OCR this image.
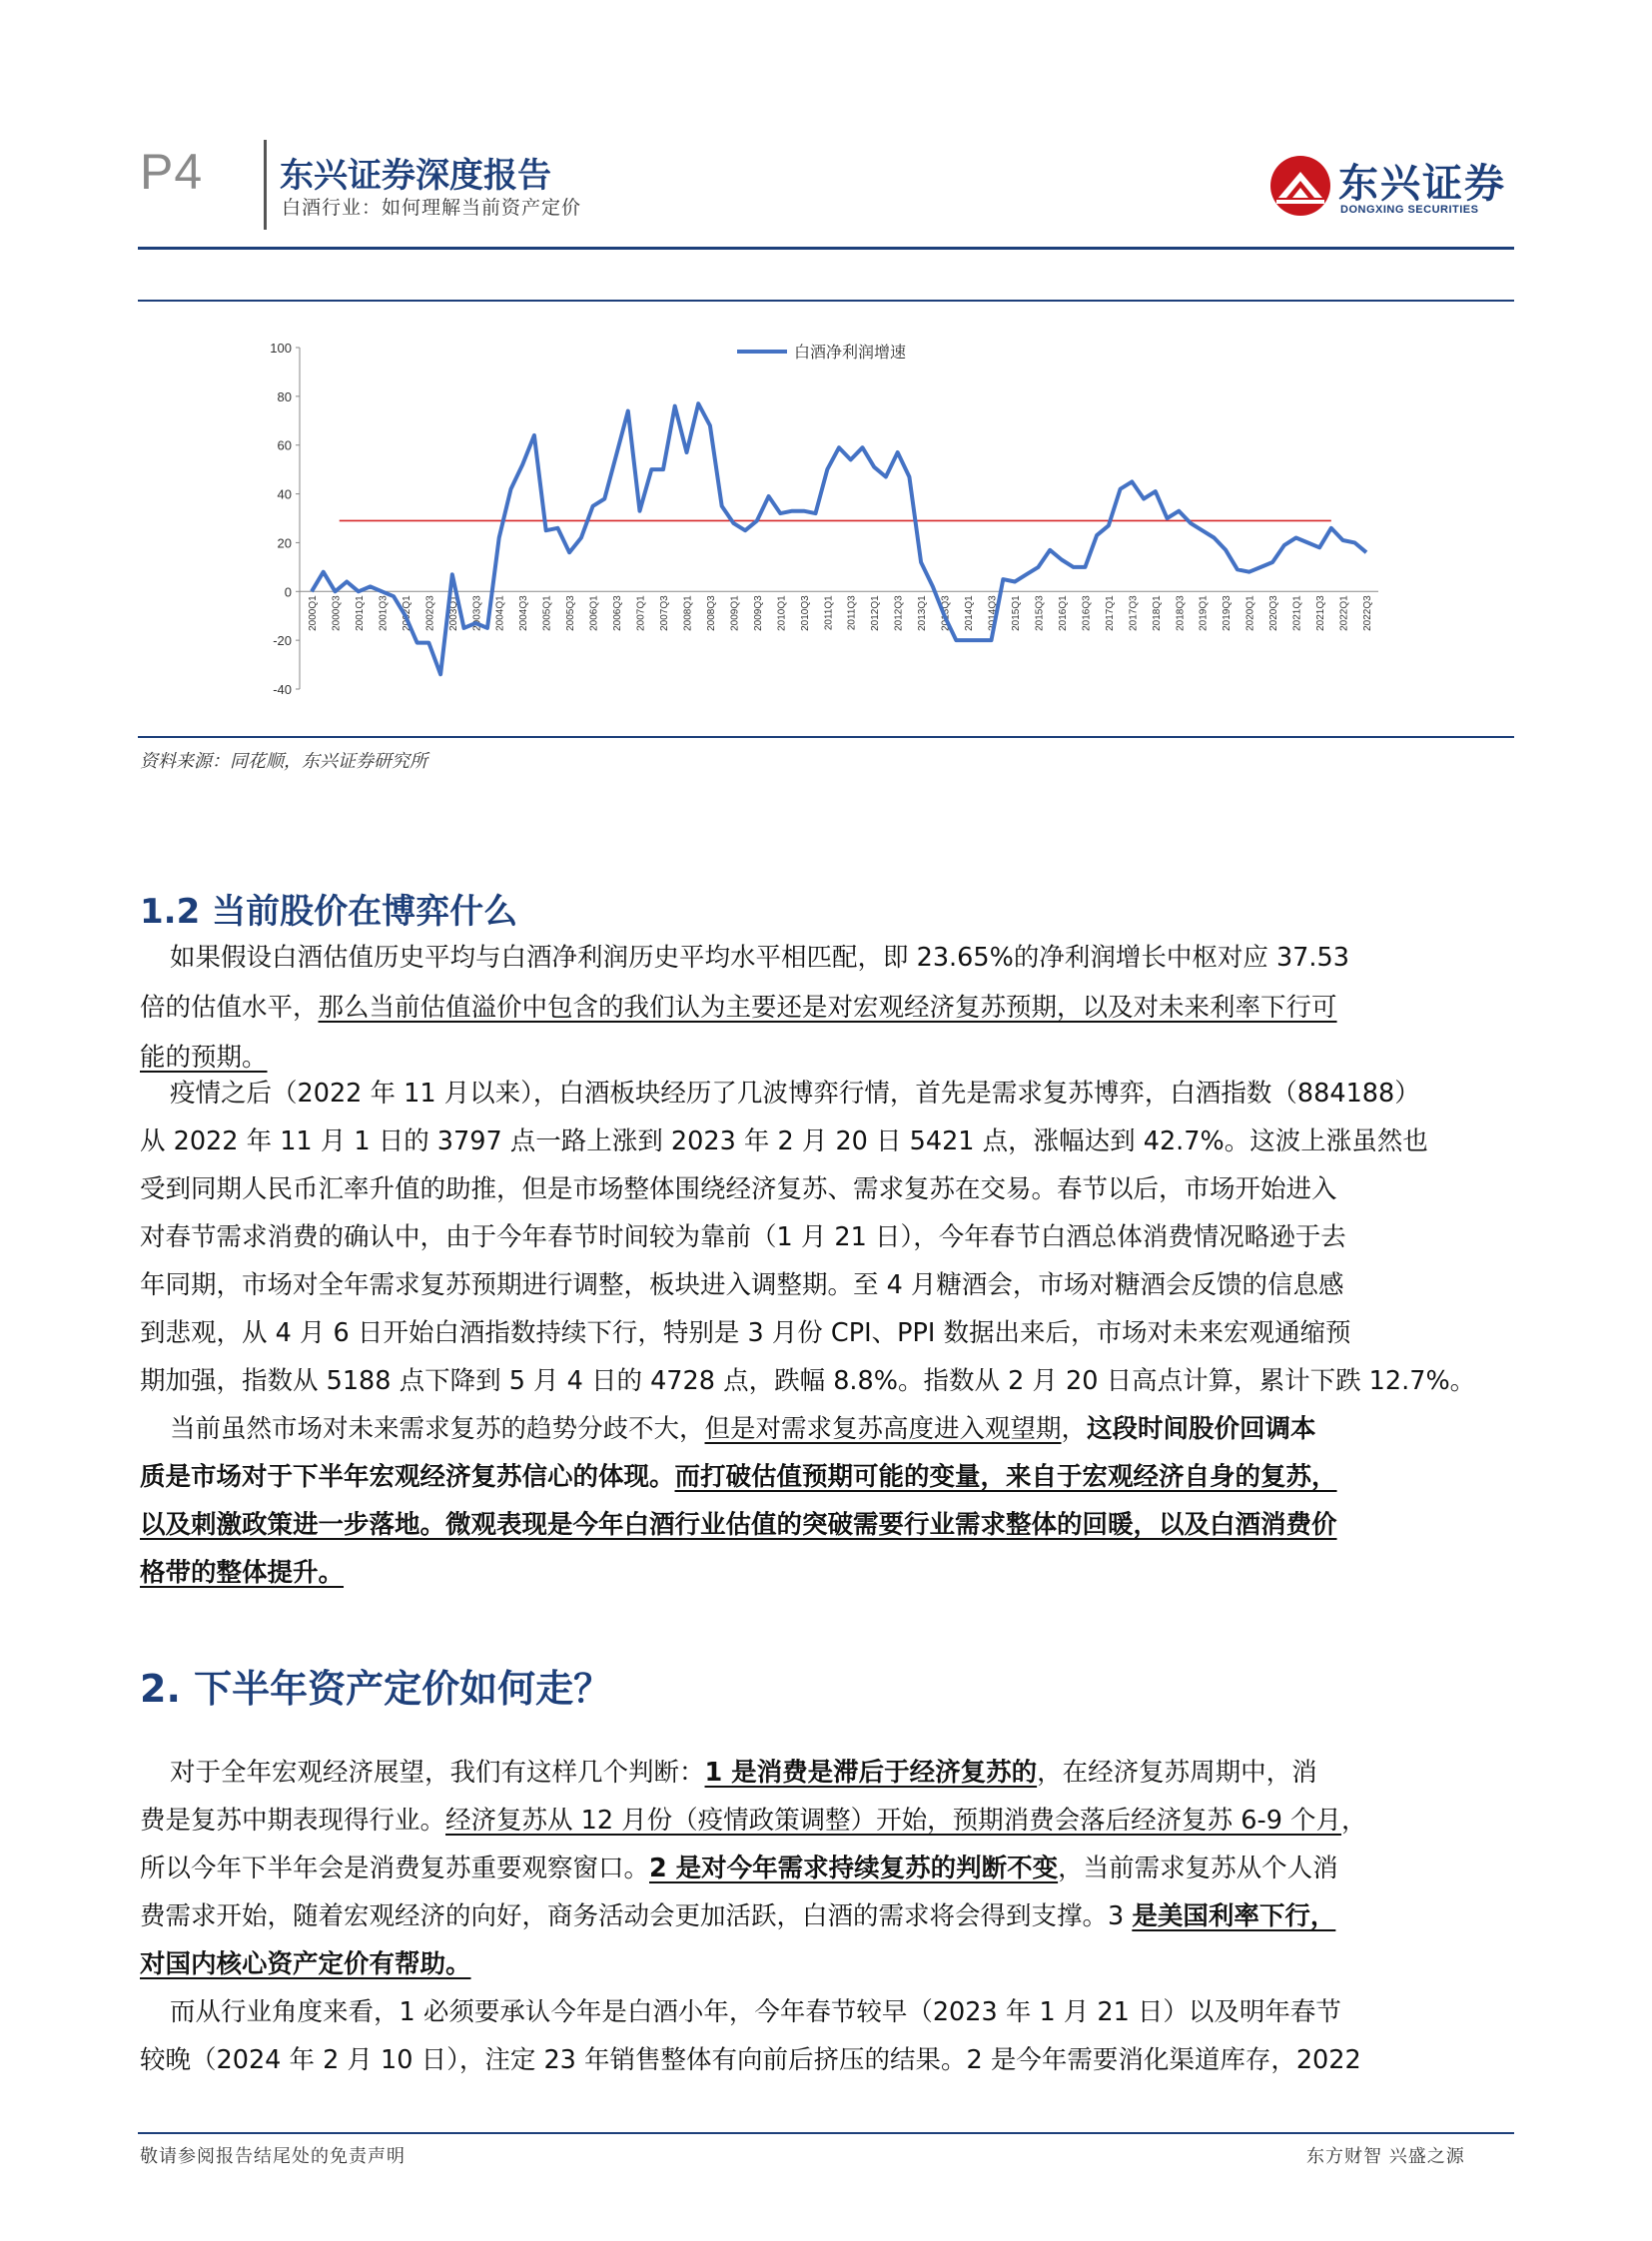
P4 东兴证券深度报告
白酒行业：如何理解当前资产定价
东兴证券
DONGXING SECURITIES
100
80
60
40
20
0
-20
-40
2000Q1 2000Q3 2001Q1 2001Q3 2002Q1 2002Q3 2003Q1 2003Q3 2004Q1 2004Q3 2005Q1 2005Q3 2006Q1 2006Q3 2007Q1 2007Q3 2008Q1 2008Q3 2009Q1 2009Q3 2010Q1 2010Q3 2011Q1 2011Q3 2012Q1 2012Q3 2013Q1 2013Q3 2014Q1 2014Q3 2015Q1 2015Q3 2016Q1 2016Q3 2017Q1 2017Q3 2018Q1 2018Q3 2019Q1 2019Q3 2020Q1 2020Q3 2021Q1 2021Q3 2022Q1 2022Q3
白酒净利润增速
资料来源：同花顺，东兴证券研究所
1.2 当前股价在博弈什么
如果假设白酒估值历史平均与白酒净利润历史平均水平相匹配，即 23.65%的净利润增长中枢对应 37.53
倍的估值水平，那么当前估值溢价中包含的我们认为主要还是对宏观经济复苏预期，以及对未来利率下行可
能的预期。
疫情之后（2022 年 11 月以来），白酒板块经历了几波博弈行情，首先是需求复苏博弈，白酒指数（884188）
从 2022 年 11 月 1 日的 3797 点一路上涨到 2023 年 2 月 20 日 5421 点，涨幅达到 42.7%。这波上涨虽然也
受到同期人民币汇率升值的助推，但是市场整体围绕经济复苏、需求复苏在交易。春节以后，市场开始进入
对春节需求消费的确认中，由于今年春节时间较为靠前（1 月 21 日），今年春节白酒总体消费情况略逊于去
年同期，市场对全年需求复苏预期进行调整，板块进入调整期。至 4 月糖酒会，市场对糖酒会反馈的信息感
到悲观，从 4 月 6 日开始白酒指数持续下行，特别是 3 月份 CPI、PPI 数据出来后，市场对未来宏观通缩预
期加强，指数从 5188 点下降到 5 月 4 日的 4728 点，跌幅 8.8%。指数从 2 月 20 日高点计算，累计下跌 12.7%。
当前虽然市场对未来需求复苏的趋势分歧不大，但是对需求复苏高度进入观望期，这段时间股价回调本
质是市场对于下半年宏观经济复苏信心的体现。而打破估值预期可能的变量，来自于宏观经济自身的复苏，
以及刺激政策进一步落地。微观表现是今年白酒行业估值的突破需要行业需求整体的回暖，以及白酒消费价
格带的整体提升。
2. 下半年资产定价如何走？
对于全年宏观经济展望，我们有这样几个判断：1 是消费是滞后于经济复苏的，在经济复苏周期中，消
费是复苏中期表现得行业。经济复苏从 12 月份（疫情政策调整）开始，预期消费会落后经济复苏 6-9 个月，
所以今年下半年会是消费复苏重要观察窗口。2 是对今年需求持续复苏的判断不变，当前需求复苏从个人消
费需求开始，随着宏观经济的向好，商务活动会更加活跃，白酒的需求将会得到支撑。3 是美国利率下行，
对国内核心资产定价有帮助。
而从行业角度来看，1 必须要承认今年是白酒小年，今年春节较早（2023 年 1 月 21 日）以及明年春节
较晚（2024 年 2 月 10 日），注定 23 年销售整体有向前后挤压的结果。2 是今年需要消化渠道库存，2022
敬请参阅报告结尾处的免责声明	东方财智 兴盛之源
